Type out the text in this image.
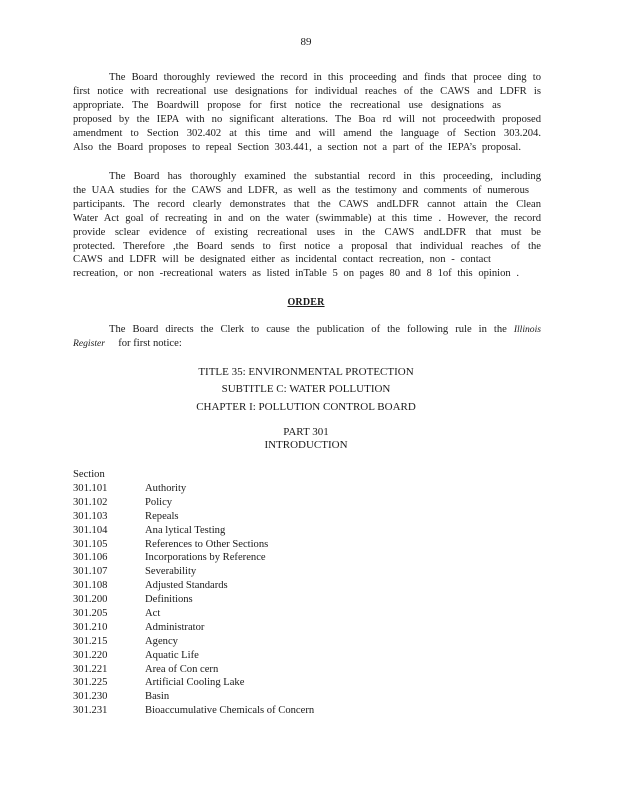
89
The Board thoroughly reviewed the record in this proceeding and finds that procee ding to
first notice with recreational use designations for individual reaches of the CAWS and LDFR is
appropriate. The Boardwill propose for first notice the recreational use designations as
proposed by the IEPA with no significant alterations. The Boa rd will not proceedwith proposed
amendment to Section 302.402 at this time and will amend the language of Section 303.204.
Also the Board proposes to repeal Section 303.441, a section not a part of the IEPA’s proposal.
The Board has thoroughly examined the substantial record in this proceeding, including
the UAA studies for the CAWS and LDFR, as well as the testimony and comments of numerous
participants. The record clearly demonstrates that the CAWS andLDFR cannot attain the Clean
Water Act goal of recreating in and on the water (swimmable) at this time . However, the record
provide sclear evidence of existing recreational uses in the CAWS andLDFR that must be
protected. Therefore ,the Board sends to first notice a proposal that individual reaches of the
CAWS and LDFR will be designated either as incidental contact recreation, non - contact
recreation, or non -recreational waters as listed inTable 5 on pages 80 and 8 1of this opinion .
ORDER
The Board directs the Clerk to cause the publication of the following rule in the Illinois
Register for first notice:
TITLE 35: ENVIRONMENTAL PROTECTION
SUBTITLE C: WATER POLLUTION
CHAPTER I: POLLUTION CONTROL BOARD
PART 301
INTRODUCTION
Section
301.101	Authority
301.102	Policy
301.103	Repeals
301.104	Ana lytical Testing
301.105	References to Other Sections
301.106	Incorporations by Reference
301.107	Severability
301.108	Adjusted Standards
301.200	Definitions
301.205	Act
301.210	Administrator
301.215	Agency
301.220	Aquatic Life
301.221	Area of Con cern
301.225	Artificial Cooling Lake
301.230	Basin
301.231	Bioaccumulative Chemicals of Concern
